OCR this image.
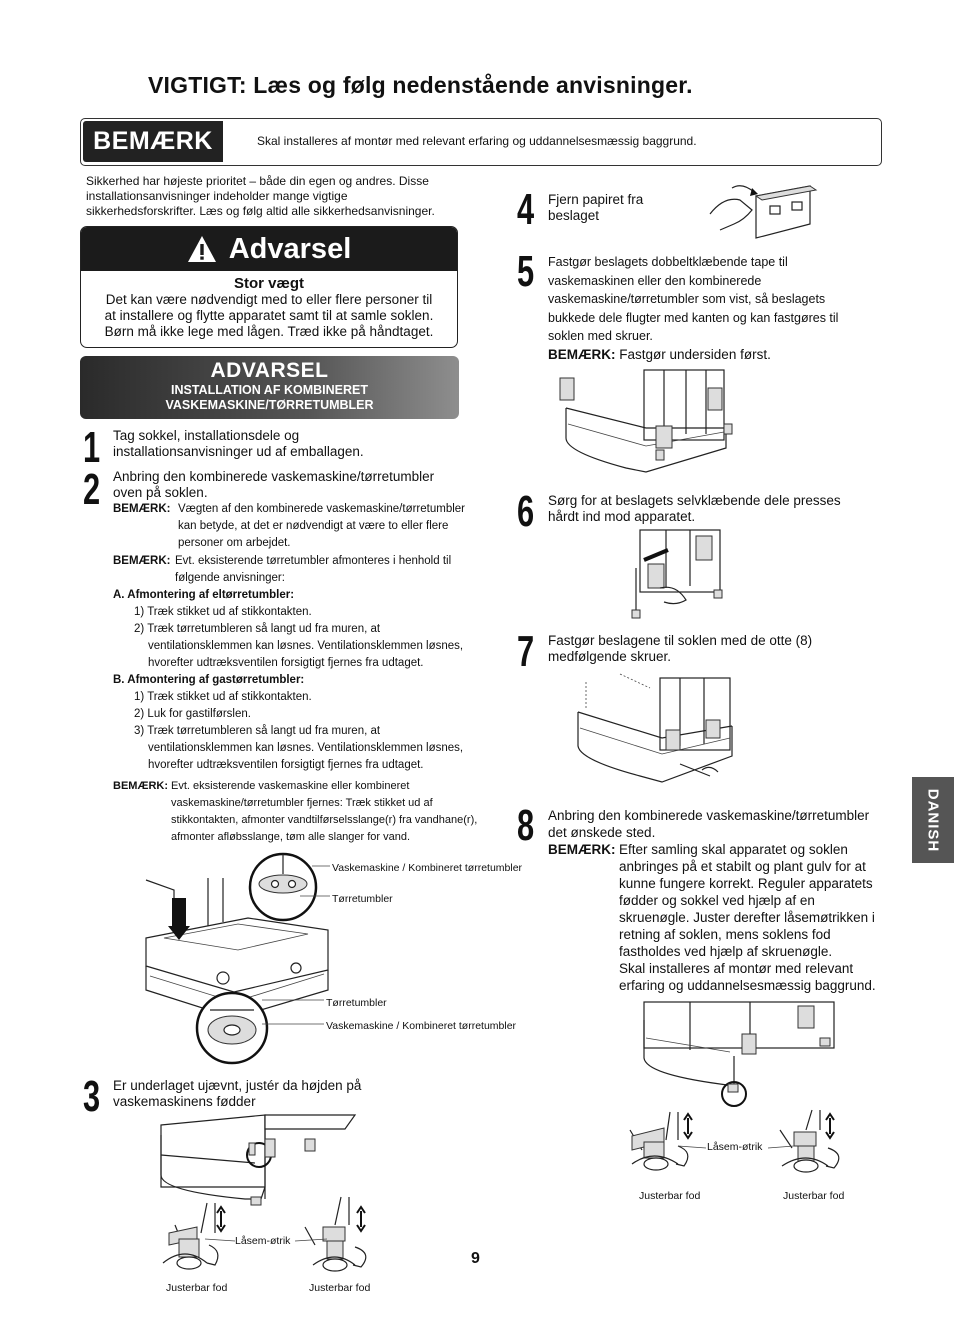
VIGTIGT: Læs og følg nedenstående anvisninger.
BEMÆRK	Skal installeres af montør med relevant erfaring og uddannelsesmæssig baggrund.
Sikkerhed har højeste prioritet – både din egen og andres. Disse
installationsanvisninger indeholder mange vigtige
sikkerhedsforskrifter. Læs og følg altid alle sikkerhedsanvisninger.
Advarsel
Stor vægt
Det kan være nødvendigt med to eller flere personer til
at installere og flytte apparatet samt til at samle soklen.
Børn må ikke lege med lågen. Træd ikke på håndtaget.
ADVARSEL
INSTALLATION AF KOMBINERET
VASKEMASKINE/TØRRETUMBLER
1 Tag sokkel, installationsdele og
installationsanvisninger ud af emballagen.
2 Anbring den kombinerede vaskemaskine/tørretumbler
oven på soklen.
BEMÆRK: Vægten af den kombinerede vaskemaskine/tørretumbler
kan betyde, at det er nødvendigt at være to eller flere
personer om arbejdet.
BEMÆRK: Evt. eksisterende tørretumbler afmonteres i henhold til
følgende anvisninger:
A. Afmontering af eltørretumbler:
1) Træk stikket ud af stikkontakten.
2) Træk tørretumbleren så langt ud fra muren, at
ventilationsklemmen kan løsnes. Ventilationsklemmen løsnes,
hvorefter udtræksventilen forsigtigt fjernes fra udtaget.
B. Afmontering af gastørretumbler:
1) Træk stikket ud af stikkontakten.
2) Luk for gastilførslen.
3) Træk tørretumbleren så langt ud fra muren, at
ventilationsklemmen kan løsnes. Ventilationsklemmen løsnes,
hvorefter udtræksventilen forsigtigt fjernes fra udtaget.
BEMÆRK: Evt. eksisterende vaskemaskine eller kombineret
vaskemaskine/tørretumbler fjernes: Træk stikket ud af
stikkontakten, afmonter vandtilførselsslange(r) fra vandhane(r),
afmonter afløbsslange, tøm alle slanger for vand.
Vaskemaskine / Kombineret tørretumbler
Tørretumbler
Tørretumbler
Vaskemaskine / Kombineret tørretumbler
3 Er underlaget ujævnt, justér da højden på
vaskemaskinens fødder
Låsem-øtrik
Justerbar fod	Justerbar fod
4 Fjern papiret fra
beslaget
5 Fastgør beslagets dobbeltklæbende tape til
vaskemaskinen eller den kombinerede
vaskemaskine/tørretumbler som vist, så beslagets
bukkede dele flugter med kanten og kan fastgøres til
soklen med skruer.
BEMÆRK: Fastgør undersiden først.
6 Sørg for at beslagets selvklæbende dele presses
hårdt ind mod apparatet.
7 Fastgør beslagene til soklen med de otte (8)
medfølgende skruer.
8 Anbring den kombinerede vaskemaskine/tørretumbler
det ønskede sted.
BEMÆRK: Efter samling skal apparatet og soklen
anbringes på et stabilt og plant gulv for at
kunne fungere korrekt. Reguler apparatets
fødder og sokkel ved hjælp af en
skruenøgle. Juster derefter låsemøtrikken i
retning af soklen, mens soklens fod
fastholdes ved hjælp af skruenøgle.
Skal installeres af montør med relevant
erfaring og uddannelsesmæssig baggrund.
Låsem-øtrik
Justerbar fod	Justerbar fod
DANISH
9
